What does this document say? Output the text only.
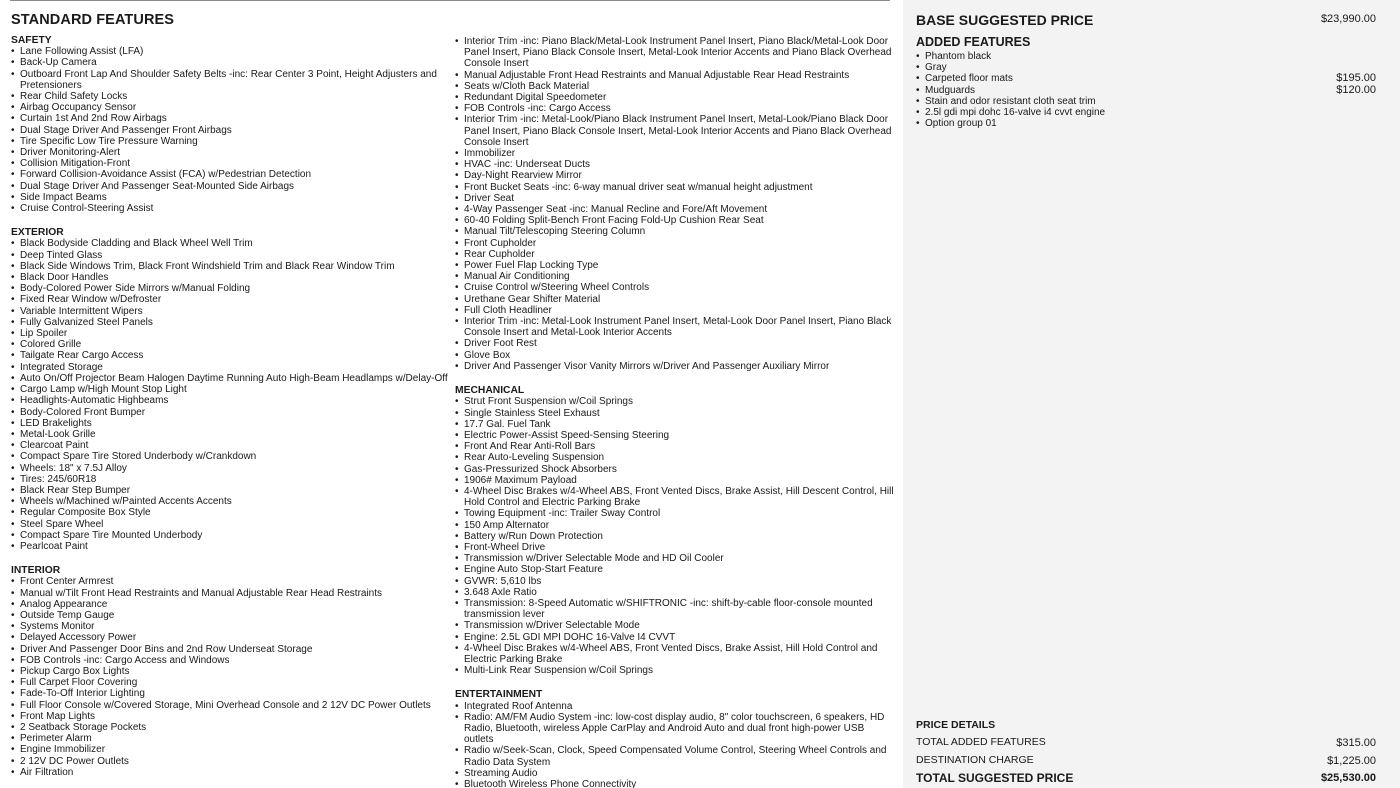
STANDARD FEATURES
SAFETY
• Lane Following Assist (LFA)
• Back-Up Camera
• Outboard Front Lap And Shoulder Safety Belts -inc: Rear Center 3 Point, Height Adjusters and Pretensioners
• Rear Child Safety Locks
• Airbag Occupancy Sensor
• Curtain 1st And 2nd Row Airbags
• Dual Stage Driver And Passenger Front Airbags
• Tire Specific Low Tire Pressure Warning
• Driver Monitoring-Alert
• Collision Mitigation-Front
• Forward Collision-Avoidance Assist (FCA) w/Pedestrian Detection
• Dual Stage Driver And Passenger Seat-Mounted Side Airbags
• Side Impact Beams
• Cruise Control-Steering Assist
EXTERIOR
• Black Bodyside Cladding and Black Wheel Well Trim
• Deep Tinted Glass
• Black Side Windows Trim, Black Front Windshield Trim and Black Rear Window Trim
• Black Door Handles
• Body-Colored Power Side Mirrors w/Manual Folding
• Fixed Rear Window w/Defroster
• Variable Intermittent Wipers
• Fully Galvanized Steel Panels
• Lip Spoiler
• Colored Grille
• Tailgate Rear Cargo Access
• Integrated Storage
• Auto On/Off Projector Beam Halogen Daytime Running Auto High-Beam Headlamps w/Delay-Off
• Cargo Lamp w/High Mount Stop Light
• Headlights-Automatic Highbeams
• Body-Colored Front Bumper
• LED Brakelights
• Metal-Look Grille
• Clearcoat Paint
• Compact Spare Tire Stored Underbody w/Crankdown
• Wheels: 18" x 7.5J Alloy
• Tires: 245/60R18
• Black Rear Step Bumper
• Wheels w/Machined w/Painted Accents Accents
• Regular Composite Box Style
• Steel Spare Wheel
• Compact Spare Tire Mounted Underbody
• Pearlcoat Paint
INTERIOR
• Front Center Armrest
• Manual w/Tilt Front Head Restraints and Manual Adjustable Rear Head Restraints
• Analog Appearance
• Outside Temp Gauge
• Systems Monitor
• Delayed Accessory Power
• Driver And Passenger Door Bins and 2nd Row Underseat Storage
• FOB Controls -inc: Cargo Access and Windows
• Pickup Cargo Box Lights
• Full Carpet Floor Covering
• Fade-To-Off Interior Lighting
• Full Floor Console w/Covered Storage, Mini Overhead Console and 2 12V DC Power Outlets
• Front Map Lights
• 2 Seatback Storage Pockets
• Perimeter Alarm
• Engine Immobilizer
• 2 12V DC Power Outlets
• Air Filtration
• Interior Trim -inc: Piano Black/Metal-Look Instrument Panel Insert, Piano Black/Metal-Look Door Panel Insert, Piano Black Console Insert, Metal-Look Interior Accents and Piano Black Overhead Console Insert
• Manual Adjustable Front Head Restraints and Manual Adjustable Rear Head Restraints
• Seats w/Cloth Back Material
• Redundant Digital Speedometer
• FOB Controls -inc: Cargo Access
• Interior Trim -inc: Metal-Look/Piano Black Instrument Panel Insert, Metal-Look/Piano Black Door Panel Insert, Piano Black Console Insert, Metal-Look Interior Accents and Piano Black Overhead Console Insert
• Immobilizer
• HVAC -inc: Underseat Ducts
• Day-Night Rearview Mirror
• Front Bucket Seats -inc: 6-way manual driver seat w/manual height adjustment
• Driver Seat
• 4-Way Passenger Seat -inc: Manual Recline and Fore/Aft Movement
• 60-40 Folding Split-Bench Front Facing Fold-Up Cushion Rear Seat
• Manual Tilt/Telescoping Steering Column
• Front Cupholder
• Rear Cupholder
• Power Fuel Flap Locking Type
• Manual Air Conditioning
• Cruise Control w/Steering Wheel Controls
• Urethane Gear Shifter Material
• Full Cloth Headliner
• Interior Trim -inc: Metal-Look Instrument Panel Insert, Metal-Look Door Panel Insert, Piano Black Console Insert and Metal-Look Interior Accents
• Driver Foot Rest
• Glove Box
• Driver And Passenger Visor Vanity Mirrors w/Driver And Passenger Auxiliary Mirror
MECHANICAL
• Strut Front Suspension w/Coil Springs
• Single Stainless Steel Exhaust
• 17.7 Gal. Fuel Tank
• Electric Power-Assist Speed-Sensing Steering
• Front And Rear Anti-Roll Bars
• Rear Auto-Leveling Suspension
• Gas-Pressurized Shock Absorbers
• 1906# Maximum Payload
• 4-Wheel Disc Brakes w/4-Wheel ABS, Front Vented Discs, Brake Assist, Hill Descent Control, Hill Hold Control and Electric Parking Brake
• Towing Equipment -inc: Trailer Sway Control
• 150 Amp Alternator
• Battery w/Run Down Protection
• Front-Wheel Drive
• Transmission w/Driver Selectable Mode and HD Oil Cooler
• Engine Auto Stop-Start Feature
• GVWR: 5,610 lbs
• 3.648 Axle Ratio
• Transmission: 8-Speed Automatic w/SHIFTRONIC -inc: shift-by-cable floor-console mounted transmission lever
• Transmission w/Driver Selectable Mode
• Engine: 2.5L GDI MPI DOHC 16-Valve I4 CVVT
• 4-Wheel Disc Brakes w/4-Wheel ABS, Front Vented Discs, Brake Assist, Hill Hold Control and Electric Parking Brake
• Multi-Link Rear Suspension w/Coil Springs
ENTERTAINMENT
• Integrated Roof Antenna
• Radio: AM/FM Audio System -inc: low-cost display audio, 8" color touchscreen, 6 speakers, HD Radio, Bluetooth, wireless Apple CarPlay and Android Auto and dual front high-power USB outlets
• Radio w/Seek-Scan, Clock, Speed Compensated Volume Control, Steering Wheel Controls and Radio Data System
• Streaming Audio
• Bluetooth Wireless Phone Connectivity
BASE SUGGESTED PRICE	$23,990.00
ADDED FEATURES
• Phantom black
• Gray
• Carpeted floor mats	$195.00
• Mudguards	$120.00
• Stain and odor resistant cloth seat trim
• 2.5l gdi mpi dohc 16-valve i4 cvvt engine
• Option group 01
PRICE DETAILS
TOTAL ADDED FEATURES	$315.00
DESTINATION CHARGE	$1,225.00
TOTAL SUGGESTED PRICE	$25,530.00
